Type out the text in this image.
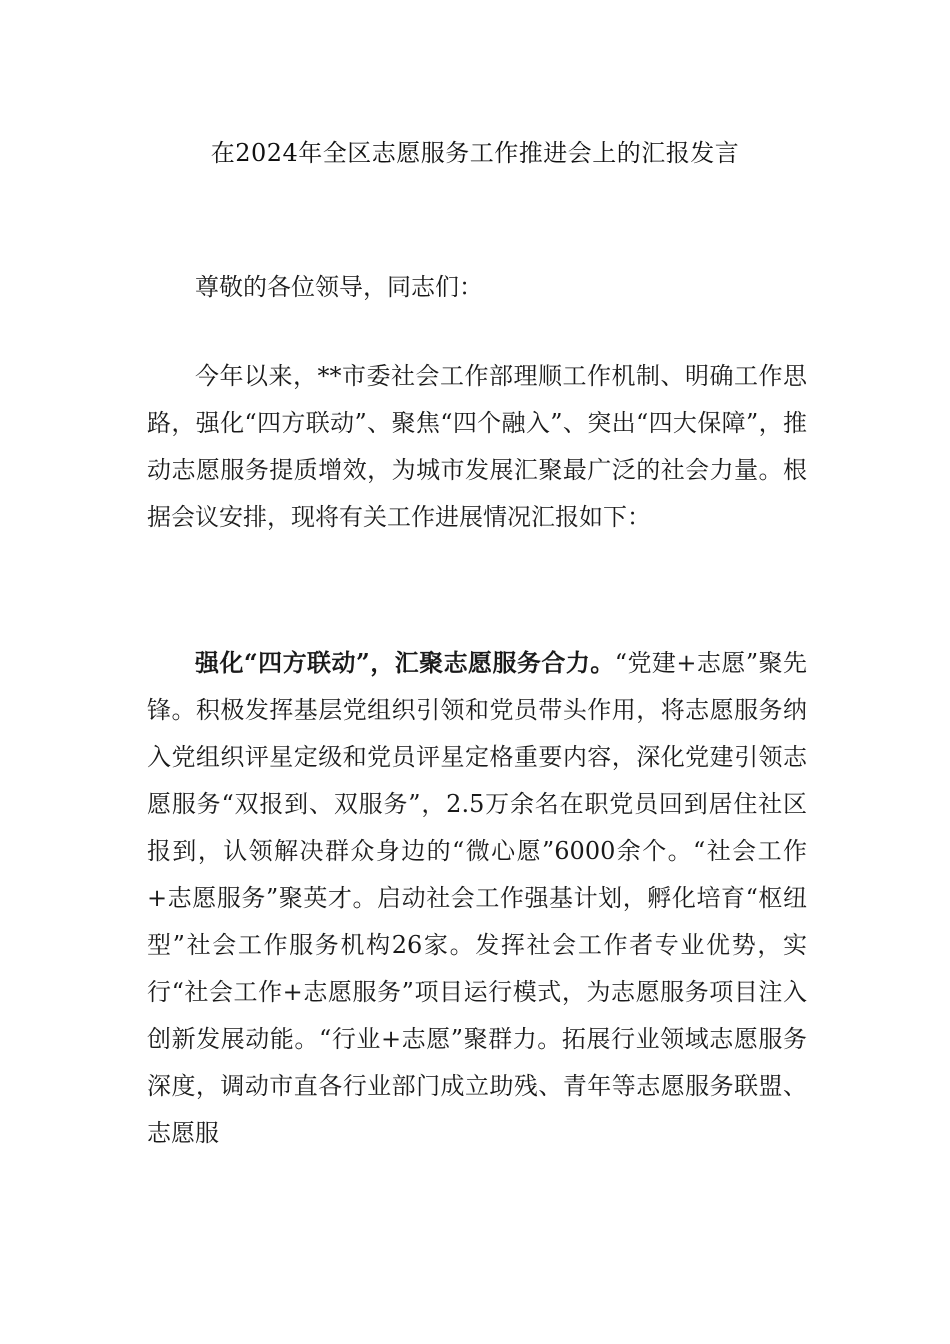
在2024年全区志愿服务工作推进会上的汇报发言
尊敬的各位领导，同志们：
今年以来，**市委社会工作部理顺工作机制、明确工作思路，强化“四方联动”、聚焦“四个融入”、突出“四大保障”，推动志愿服务提质增效，为城市发展汇聚最广泛的社会力量。根据会议安排，现将有关工作进展情况汇报如下：
强化“四方联动”，汇聚志愿服务合力。“党建+志愿”聚先锋。积极发挥基层党组织引领和党员带头作用，将志愿服务纳入党组织评星定级和党员评星定格重要内容，深化党建引领志愿服务“双报到、双服务”，2.5万余名在职党员回到居住社区报到，认领解决群众身边的“微心愿”6000余个。“社会工作+志愿服务”聚英才。启动社会工作强基计划，孵化培育“枢纽型”社会工作服务机构26家。发挥社会工作者专业优势，实行“社会工作+志愿服务”项目运行模式，为志愿服务项目注入创新发展动能。“行业+志愿”聚群力。拓展行业领域志愿服务深度，调动市直各行业部门成立助残、青年等志愿服务联盟、志愿服
